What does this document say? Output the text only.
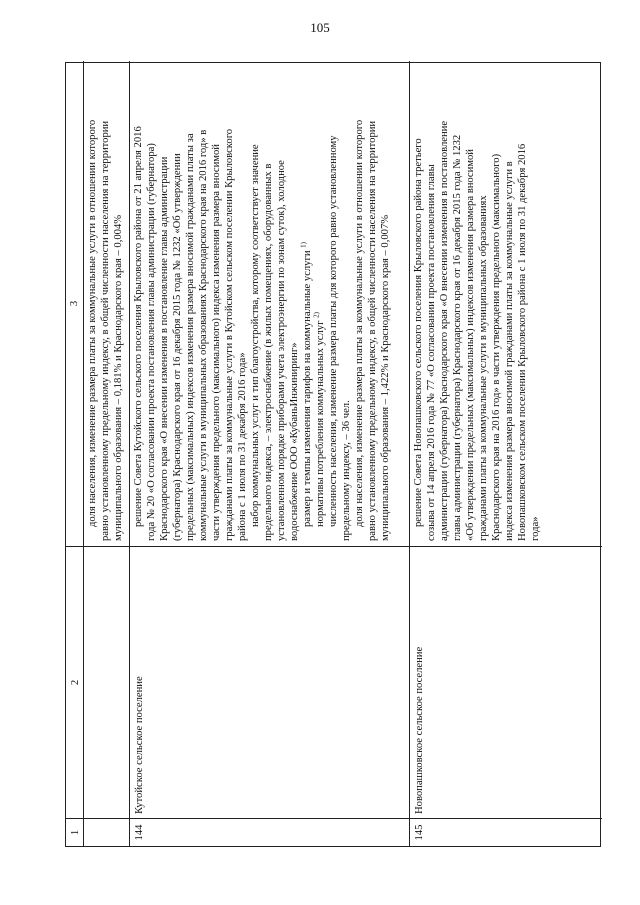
105
1
2
3 доля населения, изменение размера платы за коммунальные услуги в отношении которого равно установленному предельному индексу, в общей численности населения на территории муниципального образования – 0,181% и Краснодарского края – 0,004%

144
Кутойское сельское поселение

решение Совета Кутойского сельского поселения Крыловского района от 21 апреля 2016 года № 20 «О согласовании проекта постановления главы администрации (губернатора) Краснодарского края «О внесении изменения в постановление главы администрации (губернатора) Краснодарского края от 16 декабря 2015 года № 1232 «Об утверждении предельных (максимальных) индексов изменения размера вносимой гражданами платы за коммунальные услуги в муниципальных образованиях Краснодарского края на 2016 год» в части утверждения предельного (максимального) индекса изменения размера вносимой гражданами платы за коммунальные услуги в Кутойском сельском поселении Крыловского района с 1 июля по 31 декабря 2016 года» набор коммунальных услуг и тип благоустройства, которому соответствует значение предельного индекса, – электроснабжение (в жилых помещениях, оборудованных в установленном порядке приборами учета электроэнергии по зонам суток), холодное водоснабжение ООО «КубаньИнжиниринг» размер и темпы изменения тарифов на коммунальные услуги $^{1)}$

нормативы потребления коммунальных услуг $^{2)}$ численность населения, изменение размера платы для которого равно установленному предельному индексу, – 36 чел. доля населения, изменение размера платы за коммунальные услуги в отношении которого равно установленному предельному индексу, в общей численности населения на территории муниципального образования – 1,422% и Краснодарского края – 0,007%

145
Новопашковское сельское поселение

решение Совета Новопашковского сельского поселения Крыловского района третьего созыва от 14 апреля 2016 года № 77 «О согласовании проекта постановления главы администрации (губернатора) Краснодарского края «О внесении изменения в постановление главы администрации (губернатора) Краснодарского края от 16 декабря 2015 года № 1232 «Об утверждении предельных (максимальных) индексов изменения размера вносимой гражданами платы за коммунальные услуги в муниципальных образованиях Краснодарского края на 2016 год» в части утверждения предельного (максимального) индекса изменения размера вносимой гражданами платы за коммунальные услуги в Новопашковском сельском поселении Крыловского района с 1 июля по 31 декабря 2016 года»
